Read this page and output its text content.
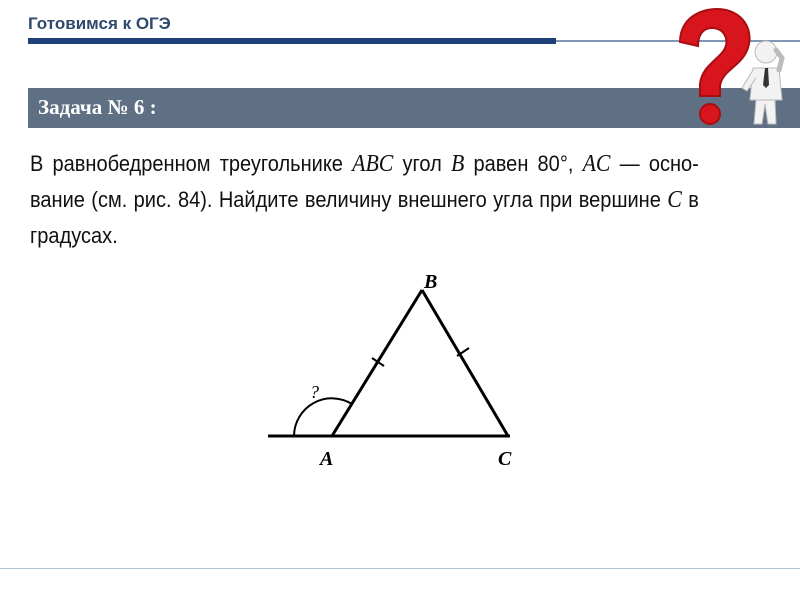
Готовимся к ОГЭ
Задача № 6 :
В равнобедренном треугольнике ABC угол B равен 80°, AC — осно-вание (см. рис. 84). Найдите величину внешнего угла при вершине C в градусах.
B
A	C
?
